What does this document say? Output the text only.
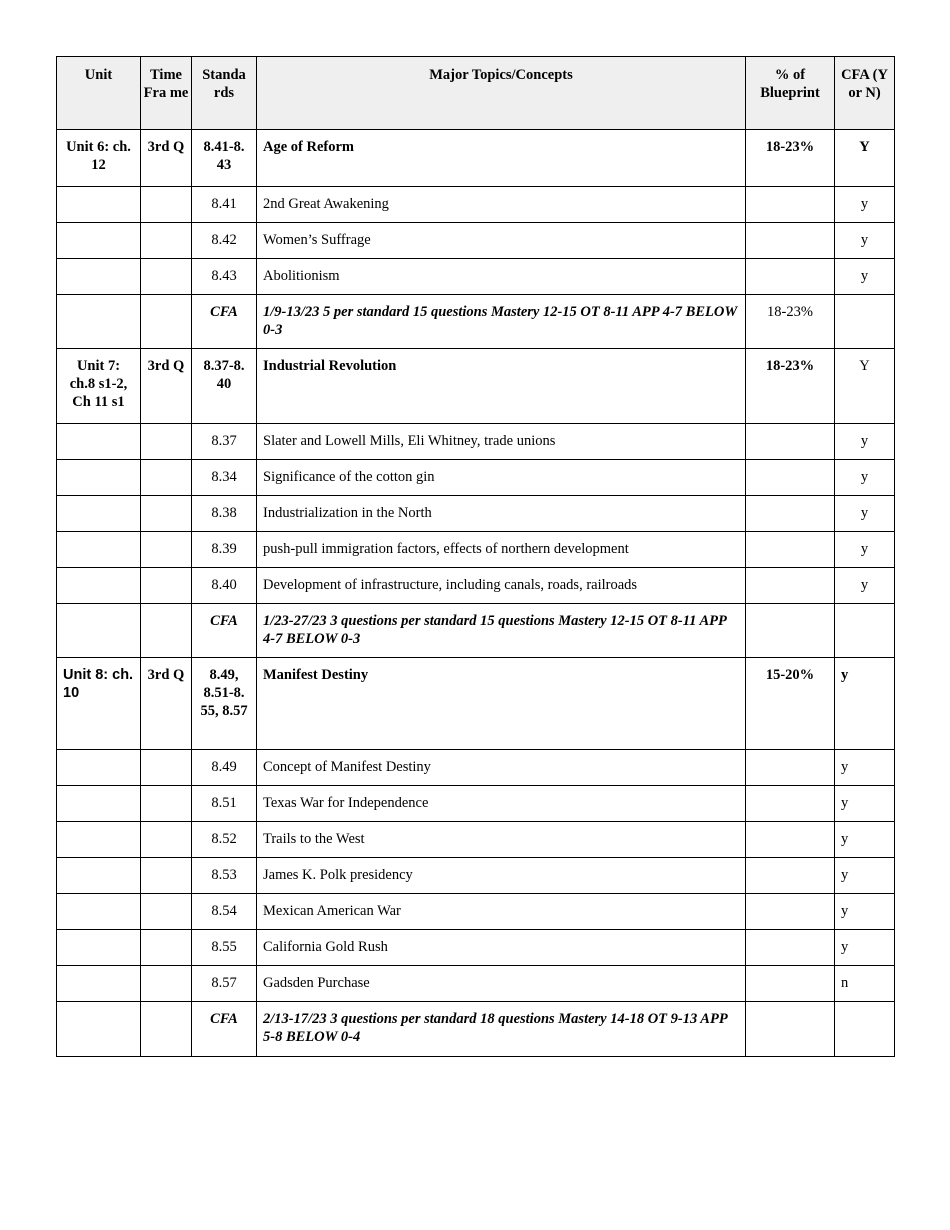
Unit	Time Fra me	Standa rds	Major Topics/Concepts	% of Blueprint	CFA (Y or N)
Unit 6: ch. 12	3rd Q	8.41-8. 43	Age of Reform	18-23%	Y
		8.41	2nd Great Awakening		y
		8.42	Women’s Suffrage		y
		8.43	Abolitionism		y
		CFA	1/9-13/23 5 per standard 15 questions Mastery 12-15 OT 8-11 APP 4-7 BELOW 0-3	18-23%	
Unit 7: ch.8 s1-2, Ch 11 s1	3rd Q	8.37-8. 40	Industrial Revolution	18-23%	Y
		8.37	Slater and Lowell Mills, Eli Whitney, trade unions		y
		8.34	Significance of the cotton gin		y
		8.38	Industrialization in the North		y
		8.39	push-pull immigration factors, effects of northern development		y
		8.40	Development of infrastructure, including canals, roads, railroads		y
		CFA	1/23-27/23 3 questions per standard 15 questions Mastery 12-15 OT 8-11 APP 4-7 BELOW 0-3		
Unit 8: ch. 10	3rd Q	8.49, 8.51-8. 55, 8.57	Manifest Destiny	15-20%	y
		8.49	Concept of Manifest Destiny		y
		8.51	Texas War for Independence		y
		8.52	Trails to the West		y
		8.53	James K. Polk presidency		y
		8.54	Mexican American War		y
		8.55	California Gold Rush		y
		8.57	Gadsden Purchase		n
		CFA	2/13-17/23 3 questions per standard 18 questions Mastery 14-18 OT 9-13 APP 5-8 BELOW 0-4		
